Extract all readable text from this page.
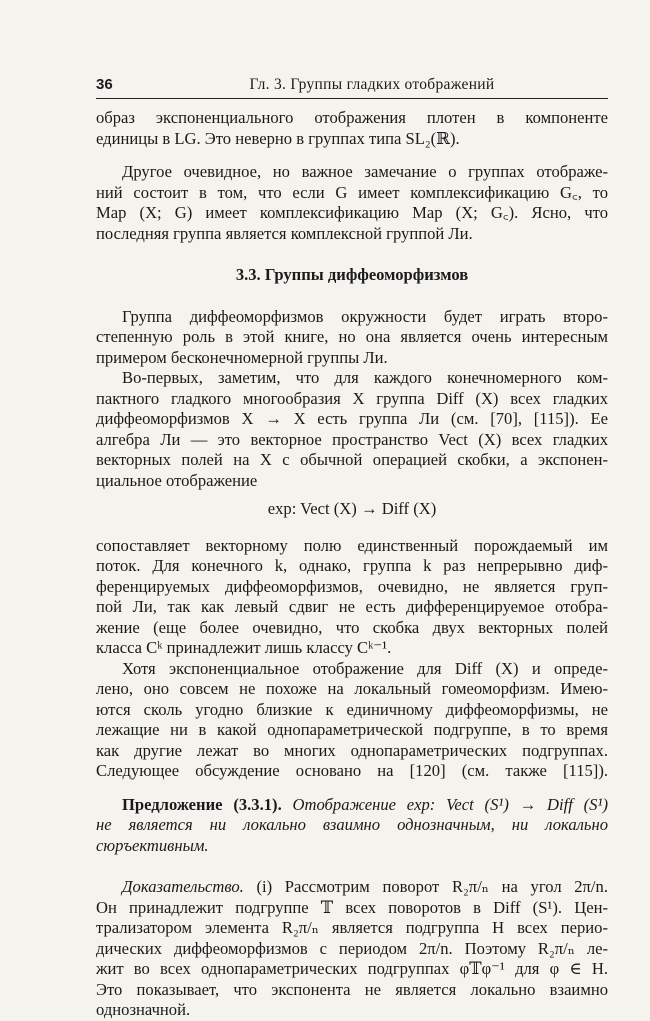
36	Гл. 3. Группы гладких отображений
образ экспоненциального отображения плотен в компоненте
единицы в LG. Это неверно в группах типа SL₂(ℝ).
Другое очевидное, но важное замечание о группах отображе-
ний состоит в том, что если G имеет комплексификацию G꜀, то
Map (X; G) имеет комплексификацию Map (X; G꜀). Ясно, что
последняя группа является комплексной группой Ли.
3.3. Группы диффеоморфизмов
Группа диффеоморфизмов окружности будет играть второ-
степенную роль в этой книге, но она является очень интересным
примером бесконечномерной группы Ли.
Во-первых, заметим, что для каждого конечномерного ком-
пактного гладкого многообразия X группа Diff (X) всех гладких
диффеоморфизмов X → X есть группа Ли (см. [70], [115]). Ее
алгебра Ли — это векторное пространство Vect (X) всех гладких
векторных полей на X с обычной операцией скобки, а экспонен-
циальное отображение
exp: Vect (X) → Diff (X)
сопоставляет векторному полю единственный порождаемый им
поток. Для конечного k, однако, группа k раз непрерывно диф-
ференцируемых диффеоморфизмов, очевидно, не является груп-
пой Ли, так как левый сдвиг не есть дифференцируемое отобра-
жение (еще более очевидно, что скобка двух векторных полей
класса Cᵏ принадлежит лишь классу Cᵏ⁻¹.
Хотя экспоненциальное отображение для Diff (X) и опреде-
лено, оно совсем не похоже на локальный гомеоморфизм. Имею-
ются сколь угодно близкие к единичному диффеоморфизмы, не
лежащие ни в какой однопараметрической подгруппе, в то время
как другие лежат во многих однопараметрических подгруппах.
Следующее обсуждение основано на [120] (см. также [115]).
Предложение (3.3.1). Отображение exp: Vect (S¹) → Diff (S¹)
не является ни локально взаимно однозначным, ни локально
сюръективным.
Доказательство. (i) Рассмотрим поворот R₂π/ₙ на угол 2π/n.
Он принадлежит подгруппе 𝕋 всех поворотов в Diff (S¹). Цен-
трализатором элемента R₂π/ₙ является подгруппа H всех перио-
дических диффеоморфизмов с периодом 2π/n. Поэтому R₂π/ₙ ле-
жит во всех однопараметрических подгруппах φ𝕋φ⁻¹ для φ ∈ H.
Это показывает, что экспонента не является локально взаимно
однозначной.
